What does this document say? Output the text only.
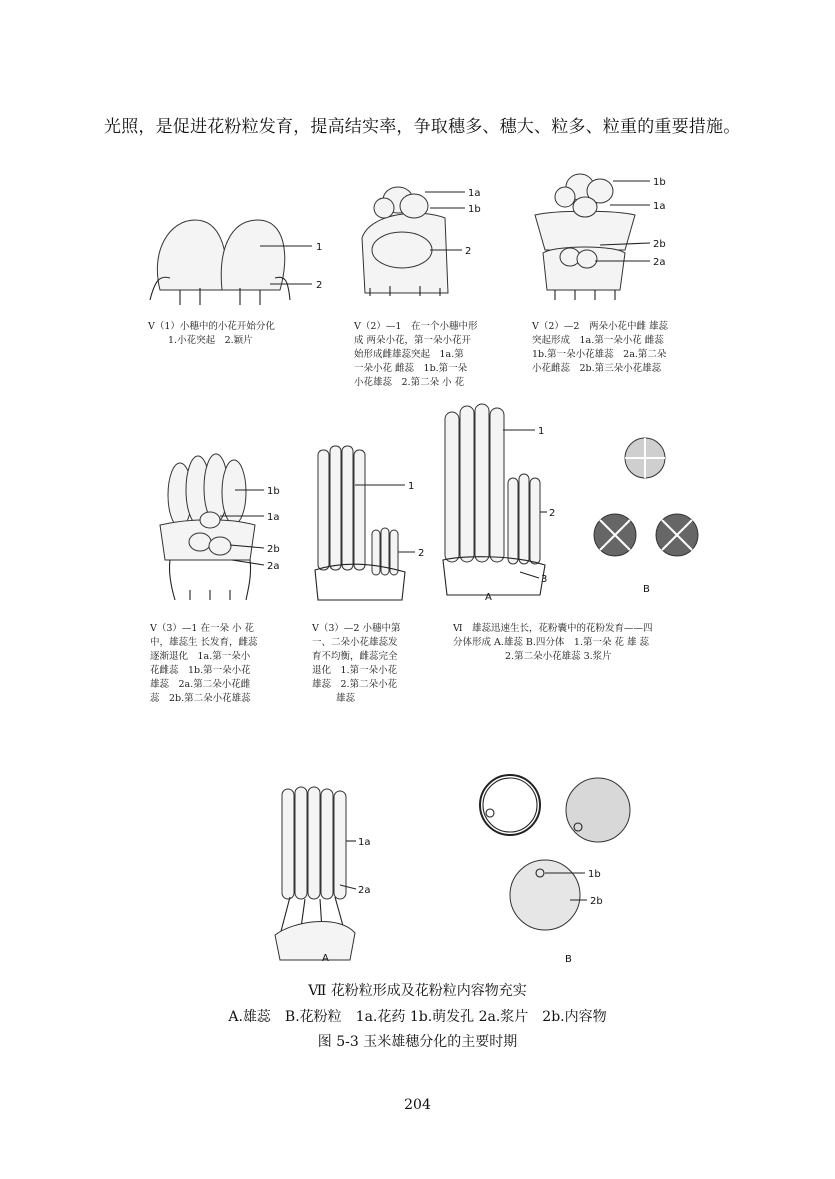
光照，是促进花粉粒发育，提高结实率，争取穗多、穗大、粒多、粒重的重要措施。
1
2
Ⅴ（1）小穗中的小花开始分化
1.小花突起　2.颖片
1a
1b
2
Ⅴ（2）—1　在一个小穗中形
成 两朵小花，第一朵小花开
始形成雌雄蕊突起　1a.第
一朵小花 雌蕊　1b.第一朵
小花雄蕊　2.第二朵 小 花
1b
1a
2b
2a
Ⅴ（2）—2　两朵小花中雌 雄蕊
突起形成　1a.第一朵小花 雌蕊
1b.第一朵小花雄蕊　2a.第二朵
小花雌蕊　2b.第三朵小花雄蕊
1b
1a
2b
2a
Ⅴ（3）—1 在一朵 小 花
中，雄蕊生 长发育，雌蕊
逐渐退化　1a.第一朵小
花雌蕊　1b.第一朵小花
雄蕊　2a.第二朵小花雌
蕊　2b.第二朵小花雄蕊
1
2
Ⅴ（3）—2 小穗中第
一、二朵小花雄蕊发
育不均衡，雌蕊完全
退化　1.第一朵小花
雄蕊　2.第二朵小花
雄蕊
1
2
3
A
B
Ⅵ　雄蕊迅速生长，花粉囊中的花粉发育——四
分体形成 A.雄蕊 B.四分体　1.第一朵 花 雄 蕊
2.第二朵小花雄蕊 3.浆片
1a
2a
A
1b
2b
B
Ⅶ 花粉粒形成及花粉粒内容物充实
A.雄蕊　B.花粉粒　1a.花药 1b.萌发孔 2a.浆片　2b.内容物
图 5-3 玉米雄穗分化的主要时期
204
